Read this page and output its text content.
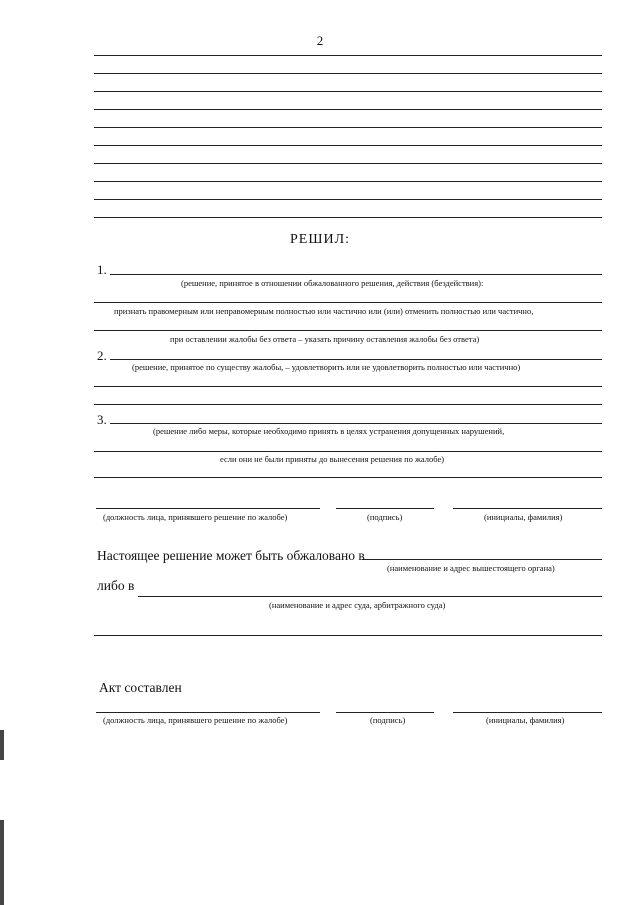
2
РЕШИЛ:
1.
(решение, принятое в отношении обжалованного решения, действия (бездействия):
признать правомерным или неправомерным полностью или частично или (или) отменить полностью или частично,
при оставлении жалобы без ответа – указать причину оставления жалобы без ответа)
2.
(решение, принятое по существу жалобы, – удовлетворить или не удовлетворить полностью или частично)
3.
(решение либо меры, которые необходимо принять в целях устранения допущенных нарушений,
если они не были приняты до вынесения решения по жалобе)
(должность лица, принявшего решение по жалобе)	(подпись)	(инициалы, фамилия)
Настоящее решение может быть обжаловано в
(наименование и адрес вышестоящего органа)
либо в
(наименование и адрес суда, арбитражного суда)
Акт составлен
(должность лица, принявшего решение по жалобе)	(подпись)	(инициалы, фамилия)
